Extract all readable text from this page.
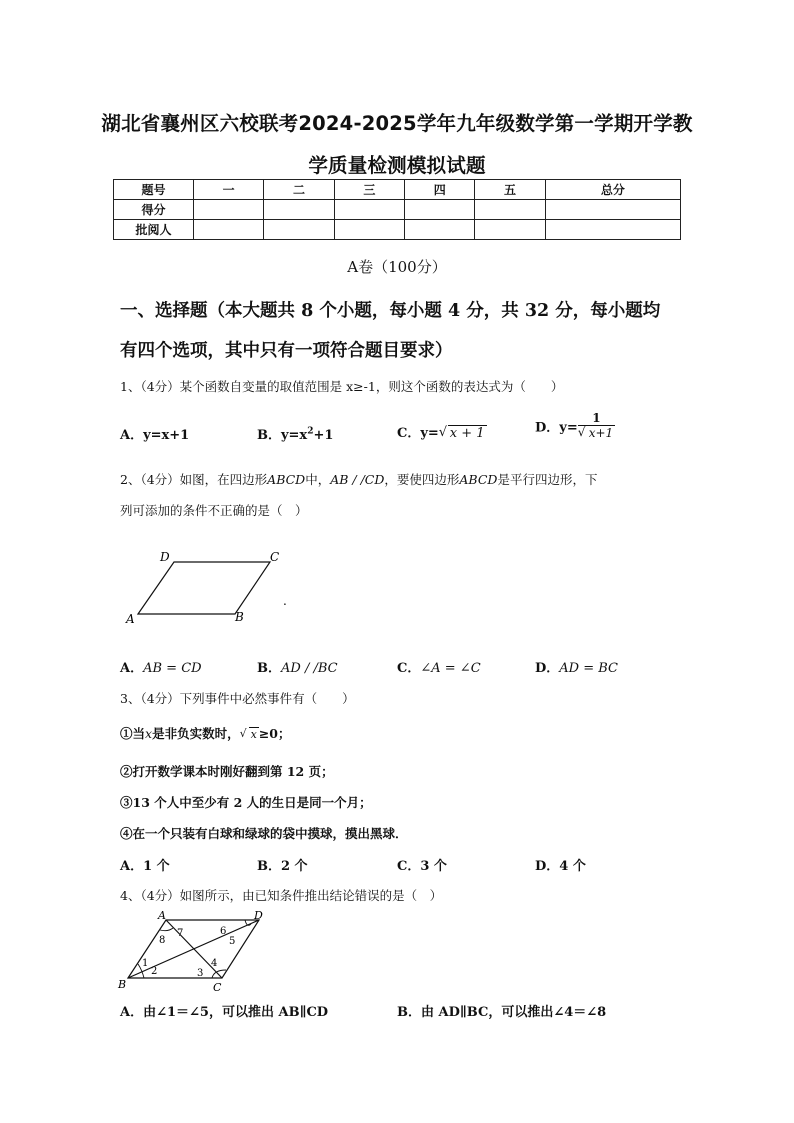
湖北省襄州区六校联考2024-2025学年九年级数学第一学期开学教
学质量检测模拟试题
题号	一	二	三	四	五	总分
得分						
批阅人						
A卷（100分）
一、选择题（本大题共 8 个小题，每小题 4 分，共 32 分，每小题均
有四个选项，其中只有一项符合题目要求）
1、（4分）某个函数自变量的取值范围是 x≥-1，则这个函数的表达式为（　　）
A．y=x+1	B．$y=x^2+1$	C．y= √ x + 1	D．$y= \frac{1}{√ x+1}$
2、（4分）如图，在四边形ABCD中，AB / /CD，要使四边形ABCD是平行四边形，下
列可添加的条件不正确的是（　）
A	B
C
D
.
A．AB = CD	B．AD / /BC	C．∠A = ∠C	D．AD = BC
3、（4分）下列事件中必然事件有（　　）
①当x是非负实数时， √ x ≥0；
②打开数学课本时刚好翻到第 12 页；
③13 个人中至少有 2 人的生日是同一个月；
④在一个只装有白球和绿球的袋中摸球，摸出黑球．
A．1 个	B．2 个	C．3 个	D．4 个
4、（4分）如图所示，由已知条件推出结论错误的是（　）
A
B	C
D
1
2	3
4
5
6
7
8
A．由∠1＝∠5，可以推出 AB∥CD	B．由 AD∥BC，可以推出∠4＝∠8
